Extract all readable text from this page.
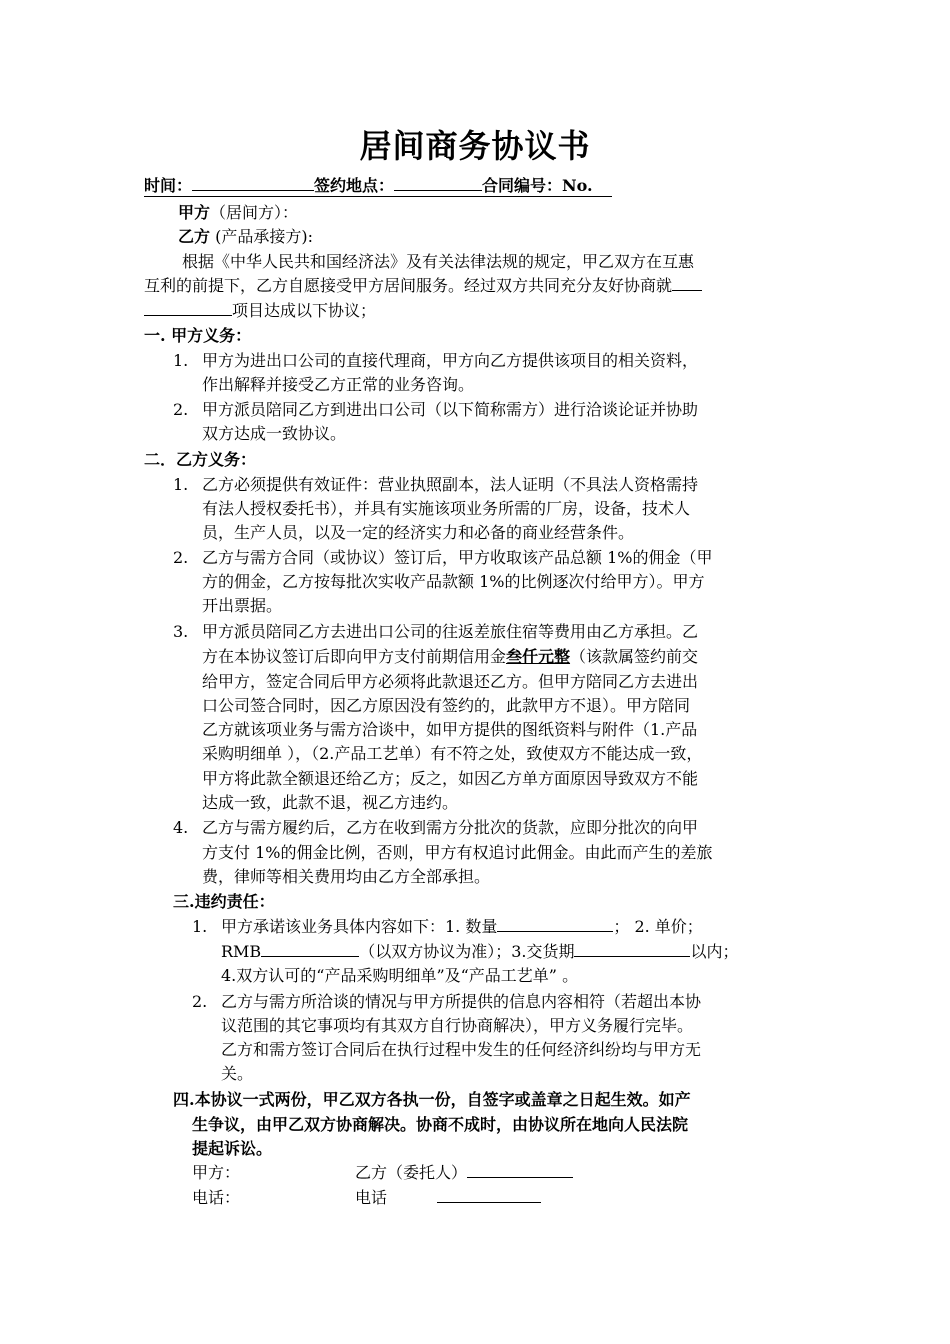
居间商务协议书
时间：	签约地点：	合同编号：No.
甲方（居间方）：
乙方 (产品承接方):
根据《中华人民共和国经济法》及有关法律法规的规定，甲乙双方在互惠
互利的前提下，乙方自愿接受甲方居间服务。经过双方共同充分友好协商就
项目达成以下协议；
一. 甲方义务：
1. 甲方为进出口公司的直接代理商，甲方向乙方提供该项目的相关资料，
作出解释并接受乙方正常的业务咨询。
2. 甲方派员陪同乙方到进出口公司（以下简称需方）进行洽谈论证并协助
双方达成一致协议。
二．乙方义务：
1. 乙方必须提供有效证件：营业执照副本，法人证明（不具法人资格需持
有法人授权委托书），并具有实施该项业务所需的厂房，设备，技术人
员，生产人员，以及一定的经济实力和必备的商业经营条件。
2. 乙方与需方合同（或协议）签订后，甲方收取该产品总额 1%的佣金（甲
方的佣金，乙方按每批次实收产品款额 1%的比例逐次付给甲方）。甲方
开出票据。
3. 甲方派员陪同乙方去进出口公司的往返差旅住宿等费用由乙方承担。乙
方在本协议签订后即向甲方支付前期信用金叁仟元整（该款属签约前交
给甲方，签定合同后甲方必须将此款退还乙方。但甲方陪同乙方去进出
口公司签合同时，因乙方原因没有签约的，此款甲方不退）。甲方陪同
乙方就该项业务与需方洽谈中，如甲方提供的图纸资料与附件（1.产品
采购明细单 ），（2.产品工艺单）有不符之处，致使双方不能达成一致，
甲方将此款全额退还给乙方；反之，如因乙方单方面原因导致双方不能
达成一致，此款不退，视乙方违约。
4. 乙方与需方履约后，乙方在收到需方分批次的货款，应即分批次的向甲
方支付 1%的佣金比例，否则，甲方有权追讨此佣金。由此而产生的差旅
费，律师等相关费用均由乙方全部承担。
三.违约责任：
1. 甲方承诺该业务具体内容如下：1. 数量	； 2. 单价；
RMB	（以双方协议为准）；3.交货期	以内；
4.双方认可的“产品采购明细单”及“产品工艺单” 。
2. 乙方与需方所洽谈的情况与甲方所提供的信息内容相符（若超出本协
议范围的其它事项均有其双方自行协商解决），甲方义务履行完毕。
乙方和需方签订合同后在执行过程中发生的任何经济纠纷均与甲方无
关。
四.本协议一式两份，甲乙双方各执一份，自签字或盖章之日起生效。如产
生争议，由甲乙双方协商解决。协商不成时，由协议所在地向人民法院
提起诉讼。
甲方：	乙方（委托人）
电话：	电话
